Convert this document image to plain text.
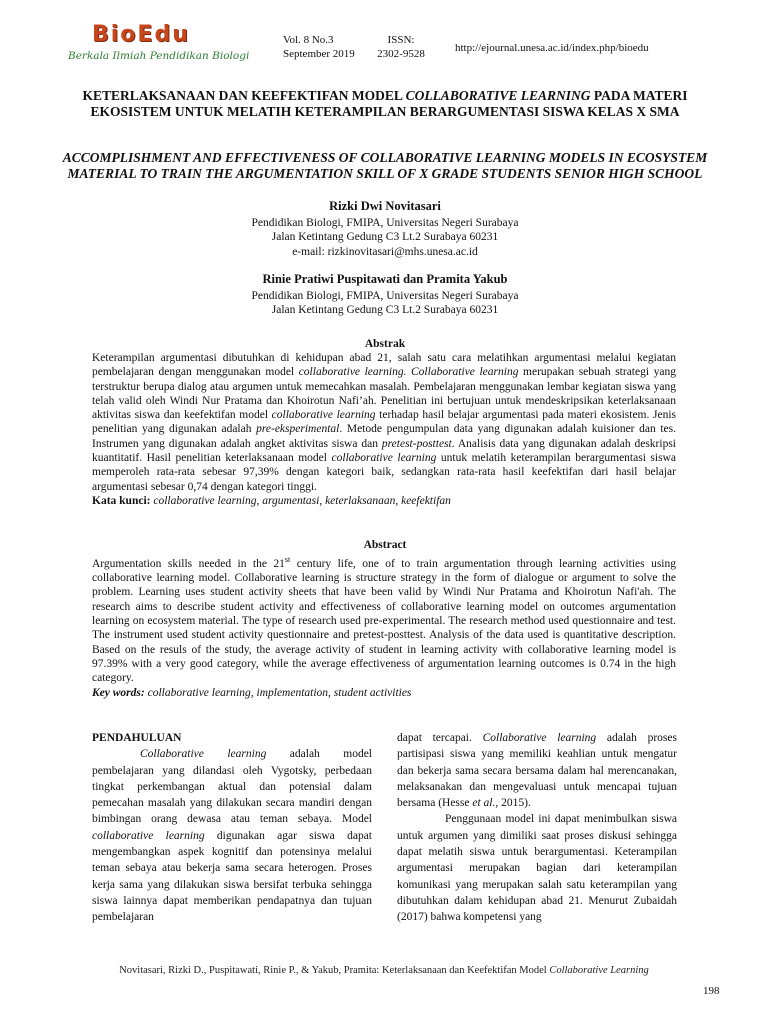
BioEdu
Berkala Ilmiah Pendidikan Biologi
Vol. 8 No.3
September 2019
ISSN:
2302-9528	http://ejournal.unesa.ac.id/index.php/bioedu
KETERLAKSANAAN DAN KEEFEKTIFAN MODEL COLLABORATIVE LEARNING PADA MATERI EKOSISTEM UNTUK MELATIH KETERAMPILAN BERARGUMENTASI SISWA KELAS X SMA
ACCOMPLISHMENT AND EFFECTIVENESS OF COLLABORATIVE LEARNING MODELS IN ECOSYSTEM MATERIAL TO TRAIN THE ARGUMENTATION SKILL OF X GRADE STUDENTS SENIOR HIGH SCHOOL
Rizki Dwi Novitasari
Pendidikan Biologi, FMIPA, Universitas Negeri Surabaya
Jalan Ketintang Gedung C3 Lt.2 Surabaya 60231
e-mail: rizkinovitasari@mhs.unesa.ac.id
Rinie Pratiwi Puspitawati dan Pramita Yakub
Pendidikan Biologi, FMIPA, Universitas Negeri Surabaya
Jalan Ketintang Gedung C3 Lt.2 Surabaya 60231
Abstrak

Keterampilan argumentasi dibutuhkan di kehidupan abad 21, salah satu cara melatihkan argumentasi melalui kegiatan pembelajaran dengan menggunakan model collaborative learning. Collaborative learning merupakan sebuah strategi yang terstruktur berupa dialog atau argumen untuk memecahkan masalah. Pembelajaran menggunakan lembar kegiatan siswa yang telah valid oleh Windi Nur Pratama dan Khoirotun Nafi’ah. Penelitian ini bertujuan untuk mendeskripsikan keterlaksanaan aktivitas siswa dan keefektifan model collaborative learning terhadap hasil belajar argumentasi pada materi ekosistem. Jenis penelitian yang digunakan adalah pre-eksperimental. Metode pengumpulan data yang digunakan adalah kuisioner dan tes. Instrumen yang digunakan adalah angket aktivitas siswa dan pretest-posttest. Analisis data yang digunakan adalah deskripsi kuantitatif. Hasil penelitian keterlaksanaan model collaborative learning untuk melatih keterampilan berargumentasi siswa memperoleh rata-rata sebesar 97,39% dengan kategori baik, sedangkan rata-rata hasil keefektifan dari hasil belajar argumentasi sebesar 0,74 dengan kategori tinggi.

Kata kunci: collaborative learning, argumentasi, keterlaksanaan, keefektifan

Abstract

Argumentation skills needed in the 21st century life, one of to train argumentation through learning activities using collaborative learning model. Collaborative learning is structure strategy in the form of dialogue or argument to solve the problem. Learning uses student activity sheets that have been valid by Windi Nur Pratama and Khoirotun Nafi'ah. The research aims to describe student activity and effectiveness of collaborative learning model on outcomes argumentation learning on ecosystem material. The type of research used pre-experimental. The research method used questionnaire and test. The instrument used student activity questionnaire and pretest-posttest. Analysis of the data used is quantitative description. Based on the resuls of the study, the average activity of student in learning activity with collaborative learning model is 97.39% with a very good category, while the average effectiveness of argumentation learning outcomes is 0.74 in the high category.

Key words: collaborative learning, implementation, student activities

PENDAHULUAN

Collaborative learning adalah model pembelajaran yang dilandasi oleh Vygotsky, perbedaan tingkat perkembangan aktual dan potensial dalam pemecahan masalah yang dilakukan secara mandiri dengan bimbingan orang dewasa atau teman sebaya. Model collaborative learning digunakan agar siswa dapat mengembangkan aspek kognitif dan potensinya melalui teman sebaya atau bekerja sama secara heterogen. Proses kerja sama yang dilakukan siswa bersifat terbuka sehingga siswa lainnya dapat memberikan pendapatnya dan tujuan pembelajaran

dapat tercapai. Collaborative learning adalah proses partisipasi siswa yang memiliki keahlian untuk mengatur dan bekerja sama secara bersama dalam hal merencanakan, melaksanakan dan mengevaluasi untuk mencapai tujuan bersama (Hesse et al., 2015).

Penggunaan model ini dapat menimbulkan siswa untuk argumen yang dimiliki saat proses diskusi sehingga dapat melatih siswa untuk berargumentasi. Keterampilan argumentasi merupakan bagian dari keterampilan komunikasi yang merupakan salah satu keterampilan yang dibutuhkan dalam kehidupan abad 21. Menurut Zubaidah (2017) bahwa kompetensi yang

Novitasari, Rizki D., Puspitawati, Rinie P., & Yakub, Pramita: Keterlaksanaan dan Keefektifan Model Collaborative Learning
198
